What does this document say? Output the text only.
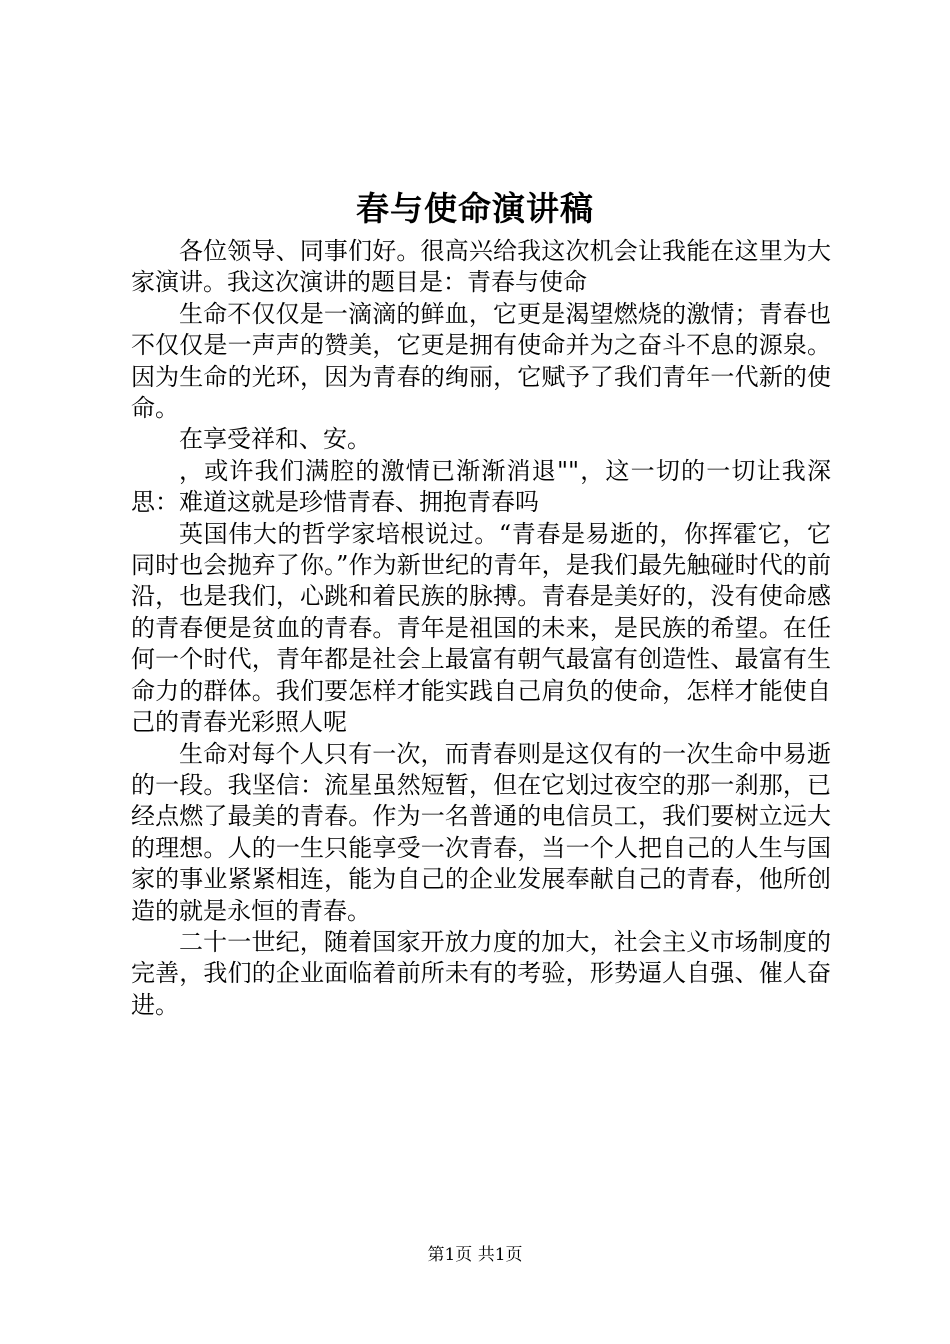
春与使命演讲稿

各位领导、同事们好。很高兴给我这次机会让我能在这里为大家演讲。我这次演讲的题目是：青春与使命

生命不仅仅是一滴滴的鲜血，它更是渴望燃烧的激情；青春也不仅仅是一声声的赞美，它更是拥有使命并为之奋斗不息的源泉。因为生命的光环，因为青春的绚丽，它赋予了我们青年一代新的使命。

在享受祥和、安。

，或许我们满腔的激情已渐渐消退""，这一切的一切让我深思：难道这就是珍惜青春、拥抱青春吗

英国伟大的哲学家培根说过。“青春是易逝的，你挥霍它，它同时也会抛弃了你。”作为新世纪的青年，是我们最先触碰时代的前沿，也是我们，心跳和着民族的脉搏。青春是美好的，没有使命感的青春便是贫血的青春。青年是祖国的未来，是民族的希望。在任何一个时代，青年都是社会上最富有朝气最富有创造性、最富有生命力的群体。我们要怎样才能实践自己肩负的使命，怎样才能使自己的青春光彩照人呢

生命对每个人只有一次，而青春则是这仅有的一次生命中易逝的一段。我坚信：流星虽然短暂，但在它划过夜空的那一刹那，已经点燃了最美的青春。作为一名普通的电信员工，我们要树立远大的理想。人的一生只能享受一次青春，当一个人把自己的人生与国家的事业紧紧相连，能为自己的企业发展奉献自己的青春，他所创造的就是永恒的青春。

二十一世纪，随着国家开放力度的加大，社会主义市场制度的完善，我们的企业面临着前所未有的考验，形势逼人自强、催人奋进。

第1页 共1页
